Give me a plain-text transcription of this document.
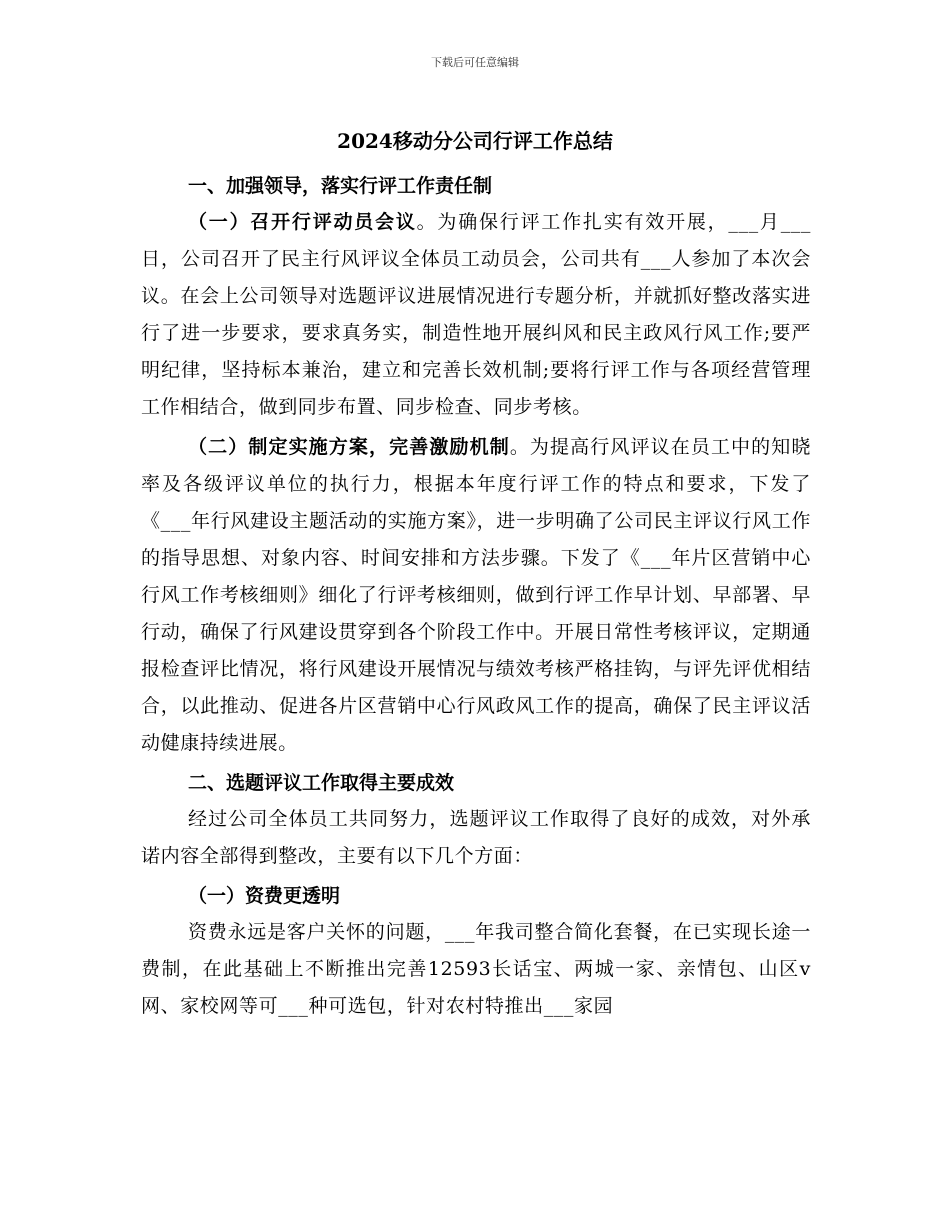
下载后可任意编辑
2024移动分公司行评工作总结

一、加强领导，落实行评工作责任制

（一）召开行评动员会议。为确保行评工作扎实有效开展，___月___日，公司召开了民主行风评议全体员工动员会，公司共有___人参加了本次会议。在会上公司领导对选题评议进展情况进行专题分析，并就抓好整改落实进行了进一步要求，要求真务实，制造性地开展纠风和民主政风行风工作;要严明纪律，坚持标本兼治，建立和完善长效机制;要将行评工作与各项经营管理工作相结合，做到同步布置、同步检查、同步考核。

（二）制定实施方案，完善激励机制。为提高行风评议在员工中的知晓率及各级评议单位的执行力，根据本年度行评工作的特点和要求，下发了《___年行风建设主题活动的实施方案》，进一步明确了公司民主评议行风工作的指导思想、对象内容、时间安排和方法步骤。下发了《___年片区营销中心行风工作考核细则》细化了行评考核细则，做到行评工作早计划、早部署、早行动，确保了行风建设贯穿到各个阶段工作中。开展日常性考核评议，定期通报检查评比情况，将行风建设开展情况与绩效考核严格挂钩，与评先评优相结合，以此推动、促进各片区营销中心行风政风工作的提高，确保了民主评议活动健康持续进展。

二、选题评议工作取得主要成效

经过公司全体员工共同努力，选题评议工作取得了良好的成效，对外承诺内容全部得到整改，主要有以下几个方面：

（一）资费更透明

资费永远是客户关怀的问题，___年我司整合简化套餐，在已实现长途一费制，在此基础上不断推出完善12593长话宝、两城一家、亲情包、山区v网、家校网等可___种可选包，针对农村特推出___家园
